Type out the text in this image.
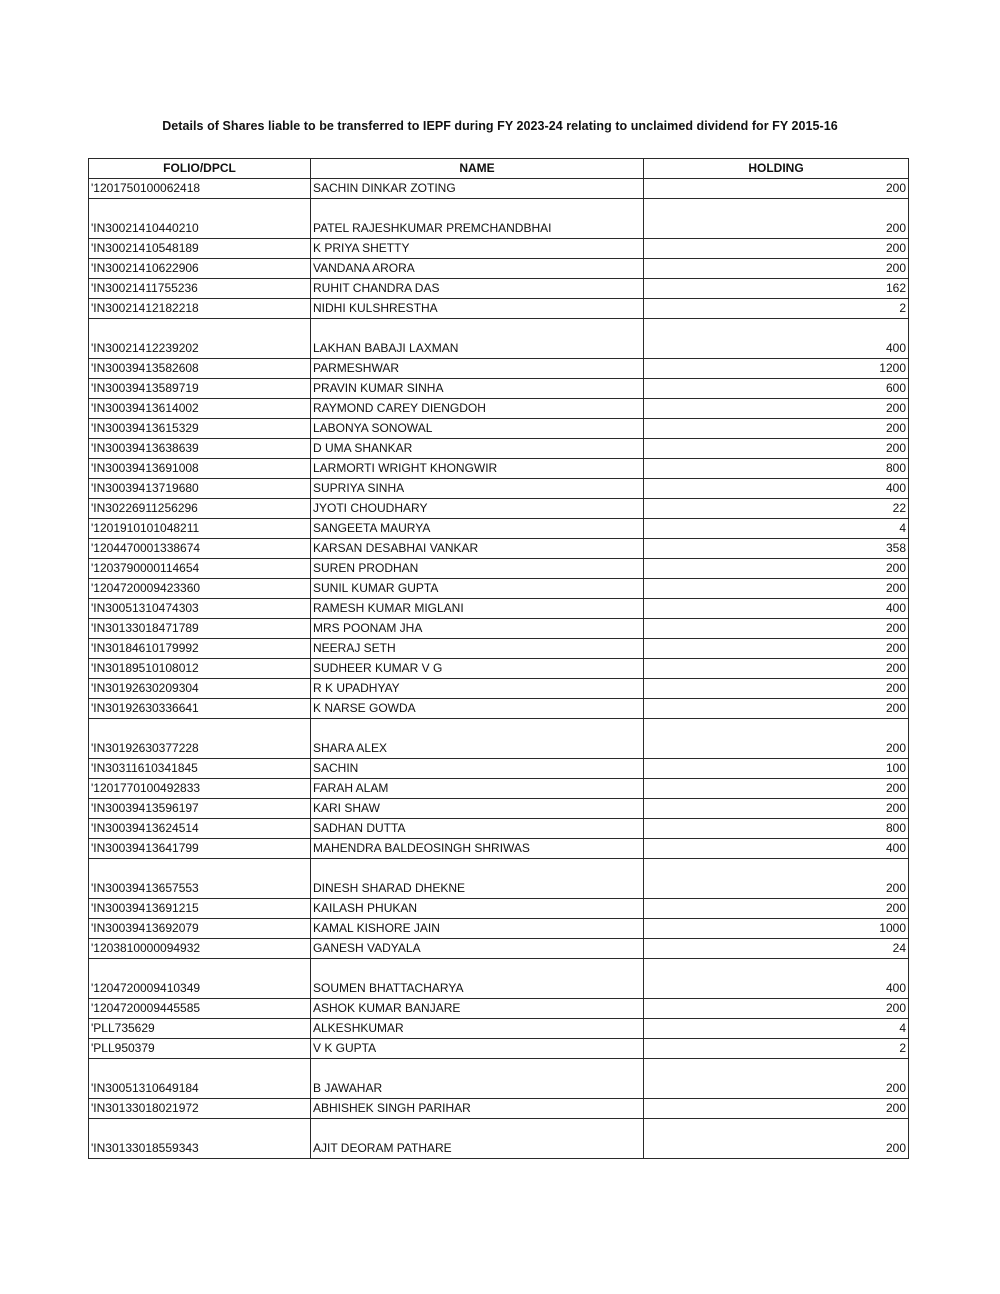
Details of Shares liable to be transferred to IEPF during FY 2023-24 relating to unclaimed dividend for FY 2015-16
FOLIO/DPCL	NAME	HOLDING
'1201750100062418	SACHIN DINKAR ZOTING	200
'IN30021410440210	PATEL RAJESHKUMAR PREMCHANDBHAI	200
'IN30021410548189	K PRIYA SHETTY	200
'IN30021410622906	VANDANA ARORA	200
'IN30021411755236	RUHIT CHANDRA DAS	162
'IN30021412182218	NIDHI KULSHRESTHA	2
'IN30021412239202	LAKHAN BABAJI LAXMAN	400
'IN30039413582608	PARMESHWAR	1200
'IN30039413589719	PRAVIN KUMAR SINHA	600
'IN30039413614002	RAYMOND CAREY DIENGDOH	200
'IN30039413615329	LABONYA SONOWAL	200
'IN30039413638639	D UMA SHANKAR	200
'IN30039413691008	LARMORTI WRIGHT KHONGWIR	800
'IN30039413719680	SUPRIYA SINHA	400
'IN30226911256296	JYOTI CHOUDHARY	22
'1201910101048211	SANGEETA MAURYA	4
'1204470001338674	KARSAN DESABHAI VANKAR	358
'1203790000114654	SUREN PRODHAN	200
'1204720009423360	SUNIL KUMAR GUPTA	200
'IN30051310474303	RAMESH KUMAR MIGLANI	400
'IN30133018471789	MRS POONAM JHA	200
'IN30184610179992	NEERAJ SETH	200
'IN30189510108012	SUDHEER KUMAR V G	200
'IN30192630209304	R K UPADHYAY	200
'IN30192630336641	K NARSE GOWDA	200
'IN30192630377228	SHARA ALEX	200
'IN30311610341845	SACHIN	100
'1201770100492833	FARAH ALAM	200
'IN30039413596197	KARI SHAW	200
'IN30039413624514	SADHAN DUTTA	800
'IN30039413641799	MAHENDRA BALDEOSINGH SHRIWAS	400
'IN30039413657553	DINESH SHARAD DHEKNE	200
'IN30039413691215	KAILASH PHUKAN	200
'IN30039413692079	KAMAL KISHORE JAIN	1000
'1203810000094932	GANESH VADYALA	24
'1204720009410349	SOUMEN BHATTACHARYA	400
'1204720009445585	ASHOK KUMAR BANJARE	200
'PLL735629	ALKESHKUMAR	4
'PLL950379	V K GUPTA	2
'IN30051310649184	B JAWAHAR	200
'IN30133018021972	ABHISHEK SINGH PARIHAR	200
'IN30133018559343	AJIT DEORAM PATHARE	200
